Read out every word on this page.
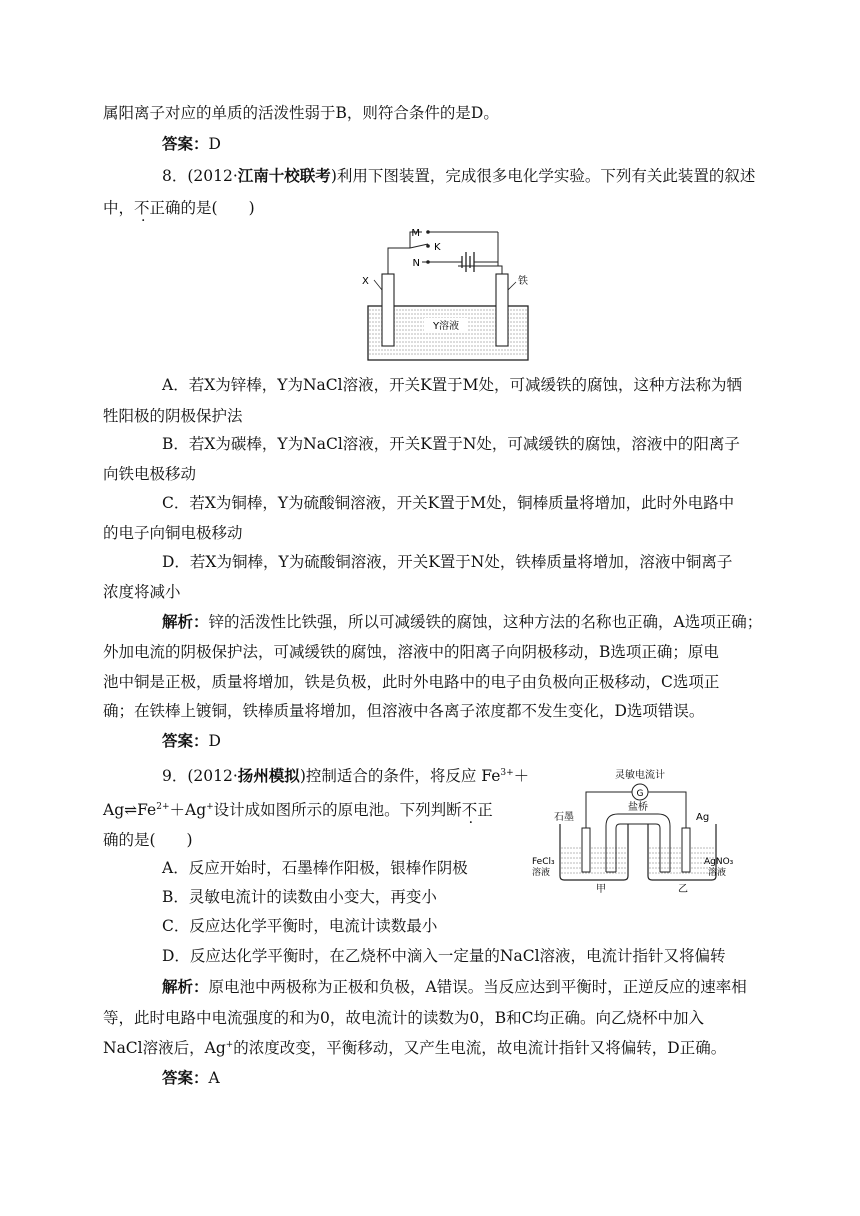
属阳离子对应的单质的活泼性弱于B，则符合条件的是D。
答案：D
8．(2012·江南十校联考)利用下图装置，完成很多电化学实验。下列有关此装置的叙述
中，不正确的是(　　)
M
K
N
X	铁
Y溶液
A．若X为锌棒，Y为NaCl溶液，开关K置于M处，可减缓铁的腐蚀，这种方法称为牺
牲阳极的阴极保护法
B．若X为碳棒，Y为NaCl溶液，开关K置于N处，可减缓铁的腐蚀，溶液中的阳离子
向铁电极移动
C．若X为铜棒，Y为硫酸铜溶液，开关K置于M处，铜棒质量将增加，此时外电路中
的电子向铜电极移动
D．若X为铜棒，Y为硫酸铜溶液，开关K置于N处，铁棒质量将增加，溶液中铜离子
浓度将减小
解析：锌的活泼性比铁强，所以可减缓铁的腐蚀，这种方法的名称也正确，A选项正确；
外加电流的阴极保护法，可减缓铁的腐蚀，溶液中的阳离子向阴极移动，B选项正确；原电
池中铜是正极，质量将增加，铁是负极，此时外电路中的电子由负极向正极移动，C选项正
确；在铁棒上镀铜，铁棒质量将增加，但溶液中各离子浓度都不发生变化，D选项错误。
答案：D
9．(2012·扬州模拟)控制适合的条件，将反应 $Fe^{3+}+$
$Ag\rightleftharpoons Fe^{2+}+Ag^+$设计成如图所示的原电池。下列判断不正
确的是(　　)
A．反应开始时，石墨棒作阳极，银棒作阴极
B．灵敏电流计的读数由小变大，再变小
C．反应达化学平衡时，电流计读数最小
灵敏电流计
G
盐桥
石墨	Ag
FeCl₃
溶液
AgNO₃
溶液
甲	乙
D．反应达化学平衡时，在乙烧杯中滴入一定量的NaCl溶液，电流计指针又将偏转
解析：原电池中两极称为正极和负极，A错误。当反应达到平衡时，正逆反应的速率相
等，此时电路中电流强度的和为0，故电流计的读数为0，B和C均正确。向乙烧杯中加入
NaCl溶液后，Ag+的浓度改变，平衡移动，又产生电流，故电流计指针又将偏转，D正确。
答案：A
